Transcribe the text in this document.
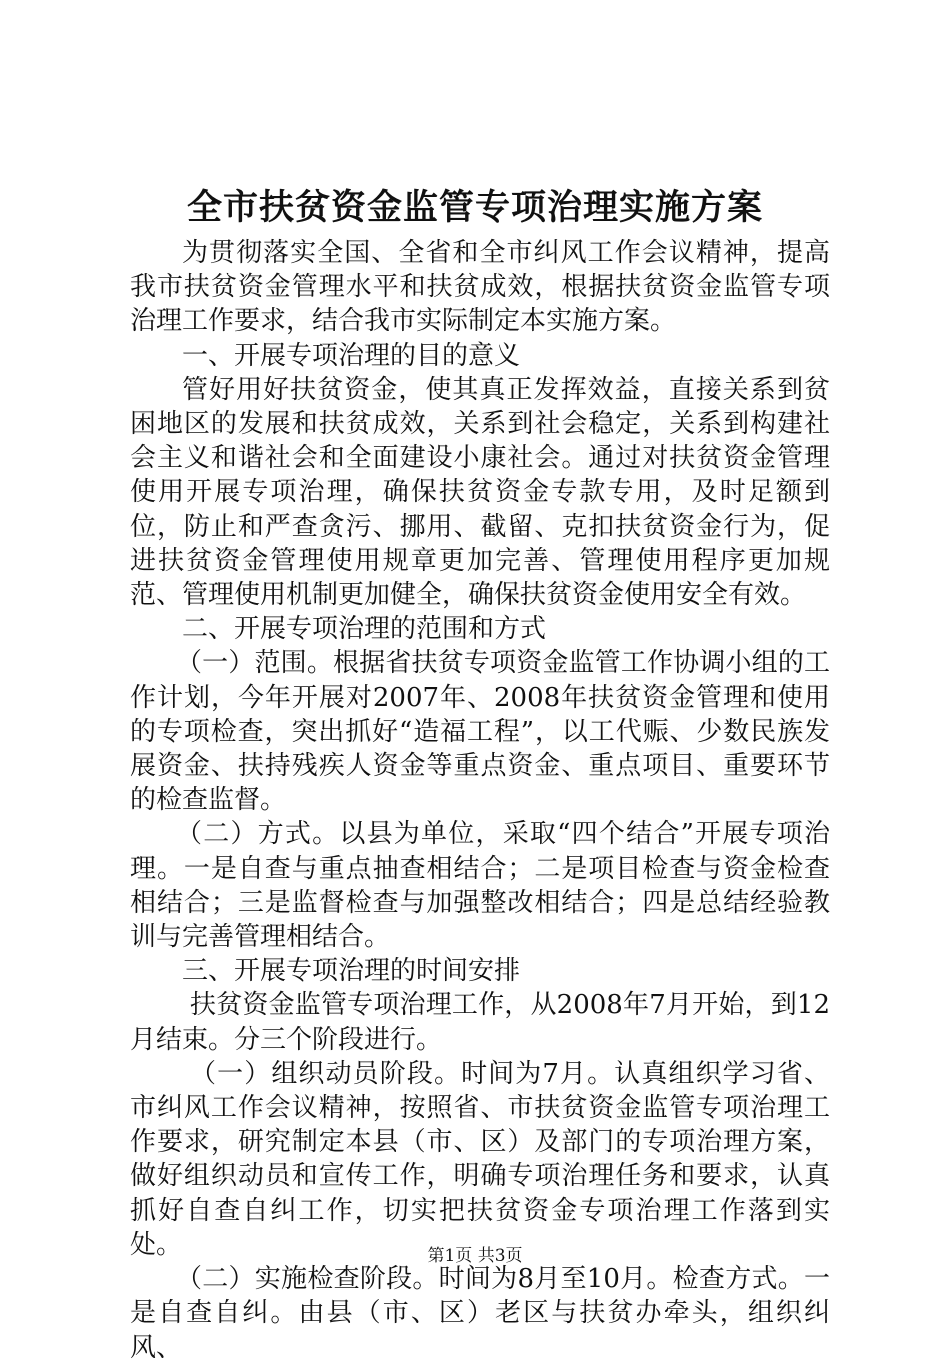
全市扶贫资金监管专项治理实施方案

为贯彻落实全国、全省和全市纠风工作会议精神，提高我市扶贫资金管理水平和扶贫成效，根据扶贫资金监管专项治理工作要求，结合我市实际制定本实施方案。

一、开展专项治理的目的意义

管好用好扶贫资金，使其真正发挥效益，直接关系到贫困地区的发展和扶贫成效，关系到社会稳定，关系到构建社会主义和谐社会和全面建设小康社会。通过对扶贫资金管理使用开展专项治理，确保扶贫资金专款专用，及时足额到位，防止和严查贪污、挪用、截留、克扣扶贫资金行为，促进扶贫资金管理使用规章更加完善、管理使用程序更加规范、管理使用机制更加健全，确保扶贫资金使用安全有效。

二、开展专项治理的范围和方式

（一）范围。根据省扶贫专项资金监管工作协调小组的工作计划，今年开展对2007年、2008年扶贫资金管理和使用的专项检查，突出抓好“造福工程”，以工代赈、少数民族发展资金、扶持残疾人资金等重点资金、重点项目、重要环节的检查监督。

（二）方式。以县为单位，采取“四个结合”开展专项治理。一是自查与重点抽查相结合；二是项目检查与资金检查相结合；三是监督检查与加强整改相结合；四是总结经验教训与完善管理相结合。

三、开展专项治理的时间安排

扶贫资金监管专项治理工作，从2008年7月开始，到12月结束。分三个阶段进行。

（一）组织动员阶段。时间为7月。认真组织学习省、市纠风工作会议精神，按照省、市扶贫资金监管专项治理工作要求，研究制定本县（市、区）及部门的专项治理方案，做好组织动员和宣传工作，明确专项治理任务和要求，认真抓好自查自纠工作，切实把扶贫资金专项治理工作落到实处。

（二）实施检查阶段。时间为8月至10月。检查方式。一是自查自纠。由县（市、区）老区与扶贫办牵头，组织纠风、

第1页 共3页
